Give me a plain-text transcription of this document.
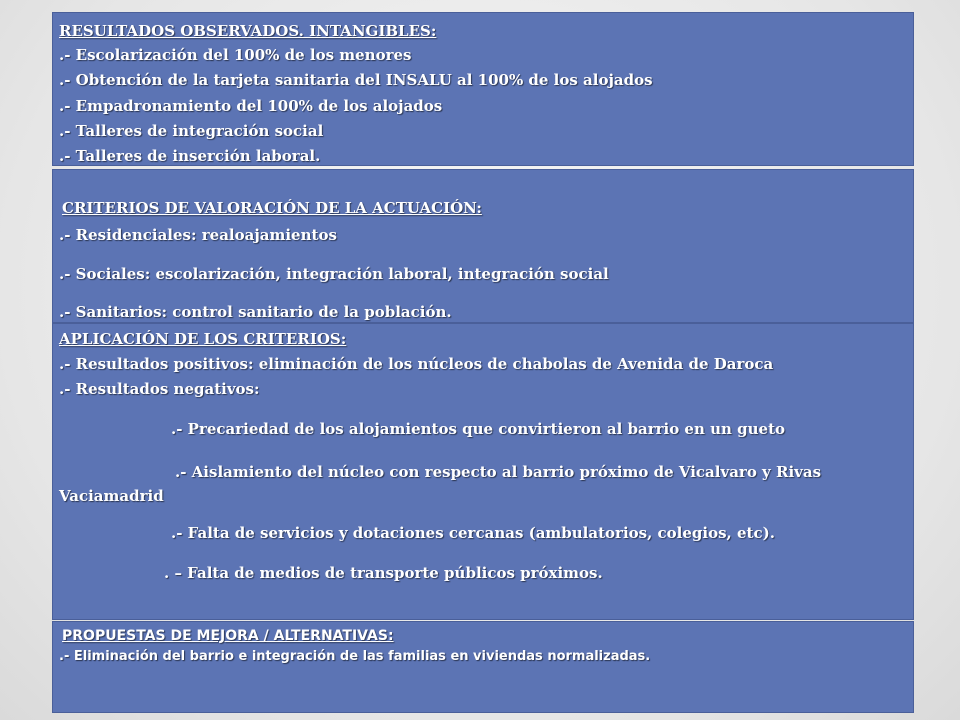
RESULTADOS OBSERVADOS. INTANGIBLES:
.- Escolarización del 100% de los menores
.- Obtención de la tarjeta sanitaria del INSALU al 100% de los alojados
.- Empadronamiento del 100% de los alojados
.- Talleres de integración social
.- Talleres de inserción laboral.
CRITERIOS DE VALORACIÓN DE LA ACTUACIÓN:
.- Residenciales: realoajamientos
.- Sociales: escolarización, integración laboral, integración social
.- Sanitarios: control sanitario de la población.
APLICACIÓN DE LOS CRITERIOS:
.- Resultados positivos: eliminación de los núcleos de chabolas de Avenida de Daroca
.- Resultados negativos:
.- Precariedad de los alojamientos que convirtieron al barrio en un gueto
.- Aislamiento del núcleo con respecto al barrio próximo de Vicalvaro y Rivas Vaciamadrid
.- Falta de servicios y dotaciones cercanas (ambulatorios, colegios, etc).
. – Falta de medios de transporte públicos próximos.
PROPUESTAS DE MEJORA / ALTERNATIVAS:
.- Eliminación del barrio e integración de las familias en viviendas normalizadas.
